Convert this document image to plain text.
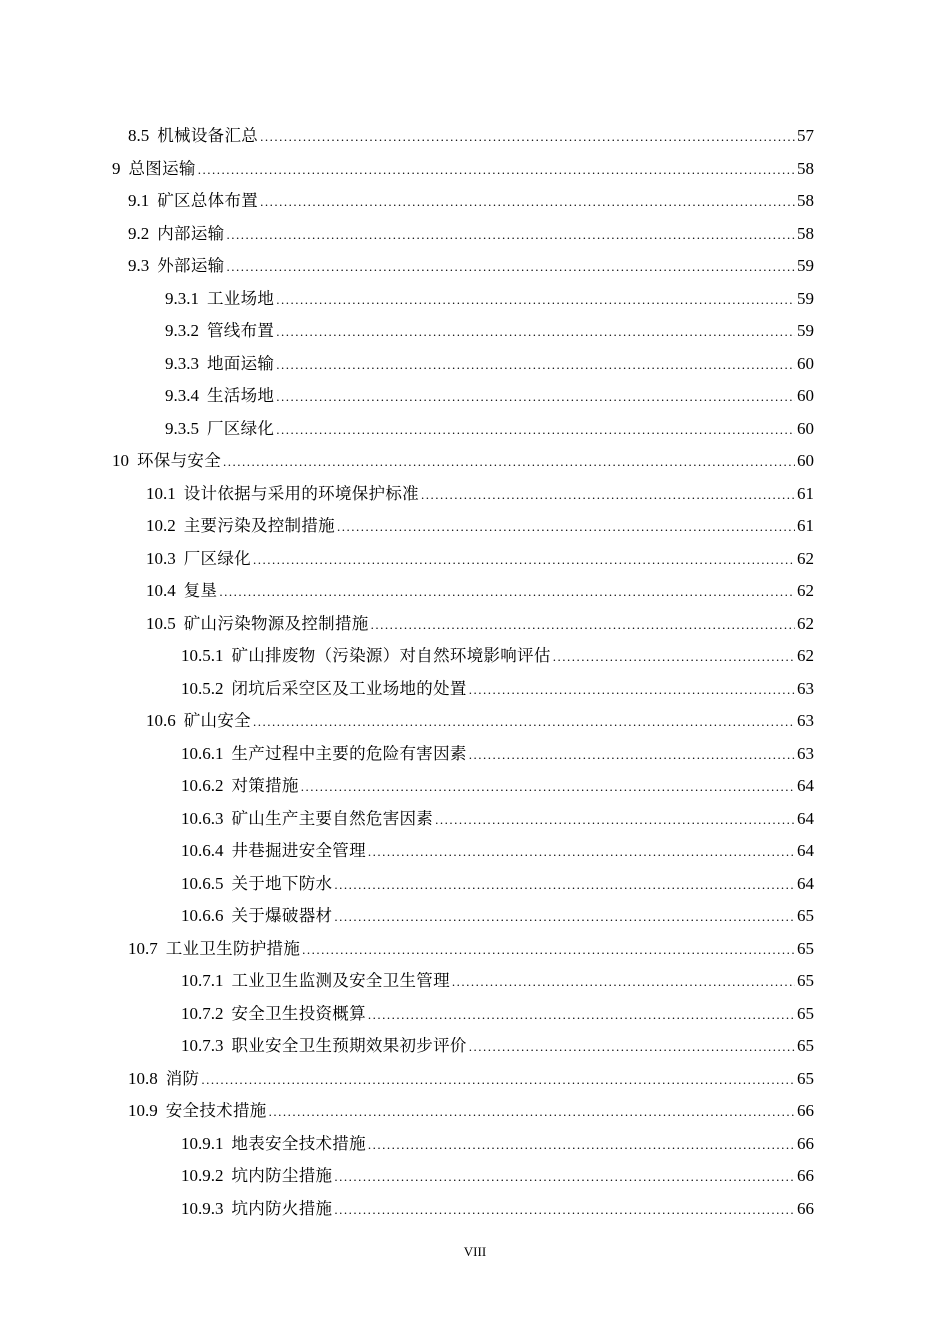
8.5 机械设备汇总 .....	57
9 总图运输 .....	58
9.1 矿区总体布置 .....	58
9.2 内部运输 .....	58
9.3 外部运输 .....	59
9.3.1 工业场地 .....	59
9.3.2 管线布置 .....	59
9.3.3 地面运输 .....	60
9.3.4 生活场地 .....	60
9.3.5 厂区绿化 .....	60
10 环保与安全 .....	60
10.1 设计依据与采用的环境保护标准 .....	61
10.2 主要污染及控制措施 .....	61
10.3 厂区绿化 .....	62
10.4 复垦 .....	62
10.5 矿山污染物源及控制措施 .....	62
10.5.1 矿山排废物（污染源）对自然环境影响评估 .....	62
10.5.2 闭坑后采空区及工业场地的处置 .....	63
10.6 矿山安全 .....	63
10.6.1 生产过程中主要的危险有害因素 .....	63
10.6.2 对策措施 .....	64
10.6.3 矿山生产主要自然危害因素 .....	64
10.6.4 井巷掘进安全管理 .....	64
10.6.5 关于地下防水 .....	64
10.6.6 关于爆破器材 .....	65
10.7 工业卫生防护措施 .....	65
10.7.1 工业卫生监测及安全卫生管理 .....	65
10.7.2 安全卫生投资概算 .....	65
10.7.3 职业安全卫生预期效果初步评价 .....	65
10.8 消防 .....	65
10.9 安全技术措施 .....	66
10.9.1 地表安全技术措施 .....	66
10.9.2 坑内防尘措施 .....	66
10.9.3 坑内防火措施 .....	66
VIII
